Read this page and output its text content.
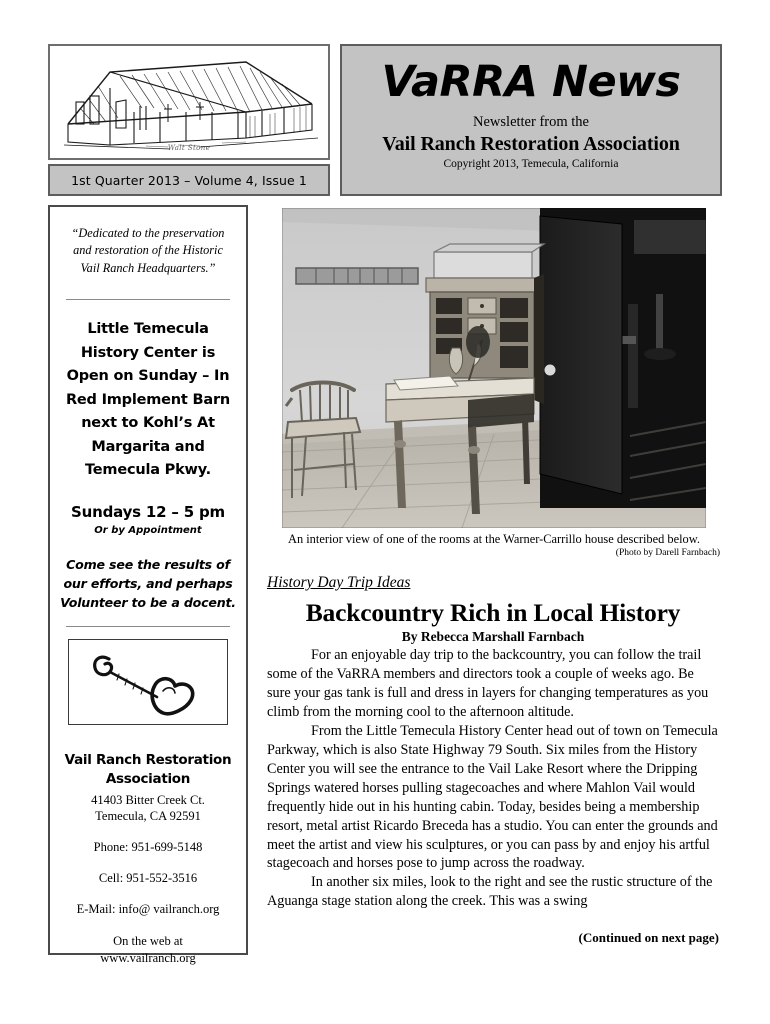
Walt Stone
1st Quarter 2013 – Volume 4, Issue 1
VaRRA News
Newsletter from the
Vail Ranch Restoration Association
Copyright 2013, Temecula, California
“Dedicated to the preservation and restoration of the Historic Vail Ranch Headquarters.”
Little Temecula History Center is Open on Sunday – In Red Implement Barn next to Kohl’s At Margarita and Temecula Pkwy.
Sundays 12 – 5 pm
Or by Appointment
Come see the results of our efforts, and perhaps Volunteer to be a docent.
Vail Ranch Restoration Association
41403 Bitter Creek Ct.
Temecula, CA 92591
Phone: 951-699-5148
Cell: 951-552-3516
E-Mail: info@ vailranch.org
On the web at
www.vailranch.org
An interior view of one of the rooms at the Warner-Carrillo house described below.
(Photo by Darell Farnbach)
History Day Trip Ideas
Backcountry Rich in Local History
By Rebecca Marshall Farnbach

For an enjoyable day trip to the backcountry, you can follow the trail some of the VaRRA members and directors took a couple of weeks ago. Be sure your gas tank is full and dress in layers for changing temperatures as you climb from the morning cool to the afternoon altitude.

From the Little Temecula History Center head out of town on Temecula Parkway, which is also State Highway 79 South. Six miles from the History Center you will see the entrance to the Vail Lake Resort where the Dripping Springs watered horses pulling stagecoaches and where Mahlon Vail would frequently hide out in his hunting cabin. Today, besides being a membership resort, metal artist Ricardo Breceda has a studio. You can enter the grounds and meet the artist and view his sculptures, or you can pass by and enjoy his artful stagecoach and horses pose to jump across the roadway.

In another six miles, look to the right and see the rustic structure of the Aguanga stage station along the creek. This was a swing

(Continued on next page)
